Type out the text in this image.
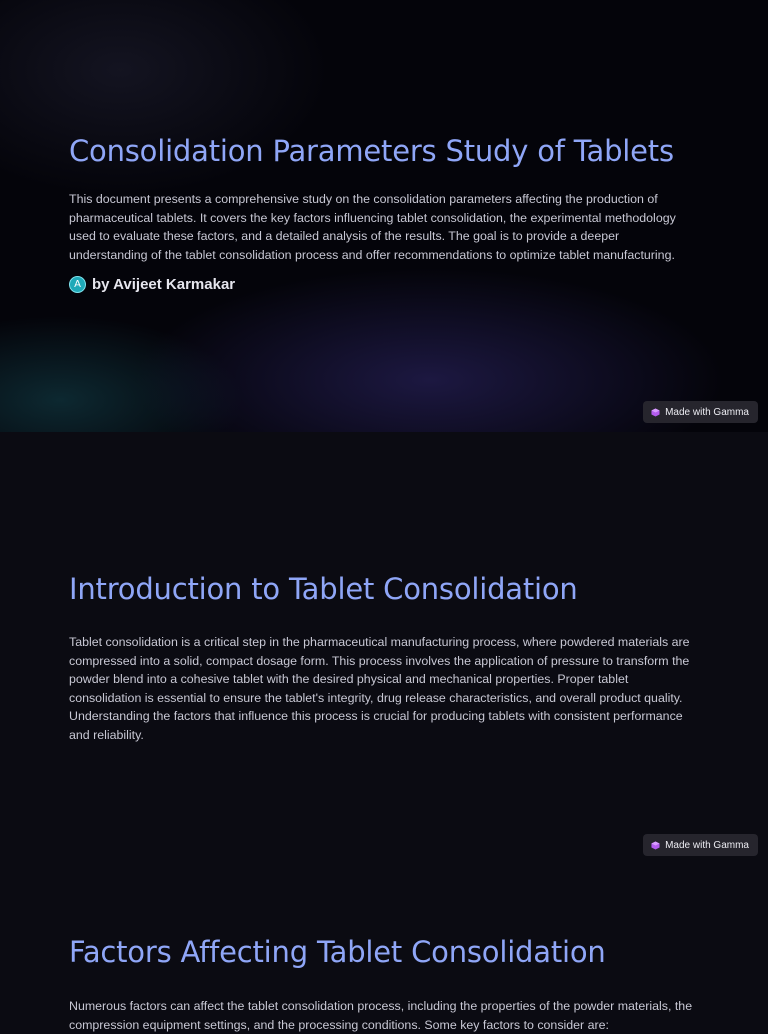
Consolidation Parameters Study of Tablets

This document presents a comprehensive study on the consolidation parameters affecting the production of pharmaceutical tablets. It covers the key factors influencing tablet consolidation, the experimental methodology used to evaluate these factors, and a detailed analysis of the results. The goal is to provide a deeper understanding of the tablet consolidation process and offer recommendations to optimize tablet manufacturing.

A by Avijeet Karmakar
Made with Gamma
Introduction to Tablet Consolidation

Tablet consolidation is a critical step in the pharmaceutical manufacturing process, where powdered materials are compressed into a solid, compact dosage form. This process involves the application of pressure to transform the powder blend into a cohesive tablet with the desired physical and mechanical properties. Proper tablet consolidation is essential to ensure the tablet's integrity, drug release characteristics, and overall product quality. Understanding the factors that influence this process is crucial for producing tablets with consistent performance and reliability.

Made with Gamma
Factors Affecting Tablet Consolidation

Numerous factors can affect the tablet consolidation process, including the properties of the powder materials, the compression equipment settings, and the processing conditions. Some key factors to consider are:
